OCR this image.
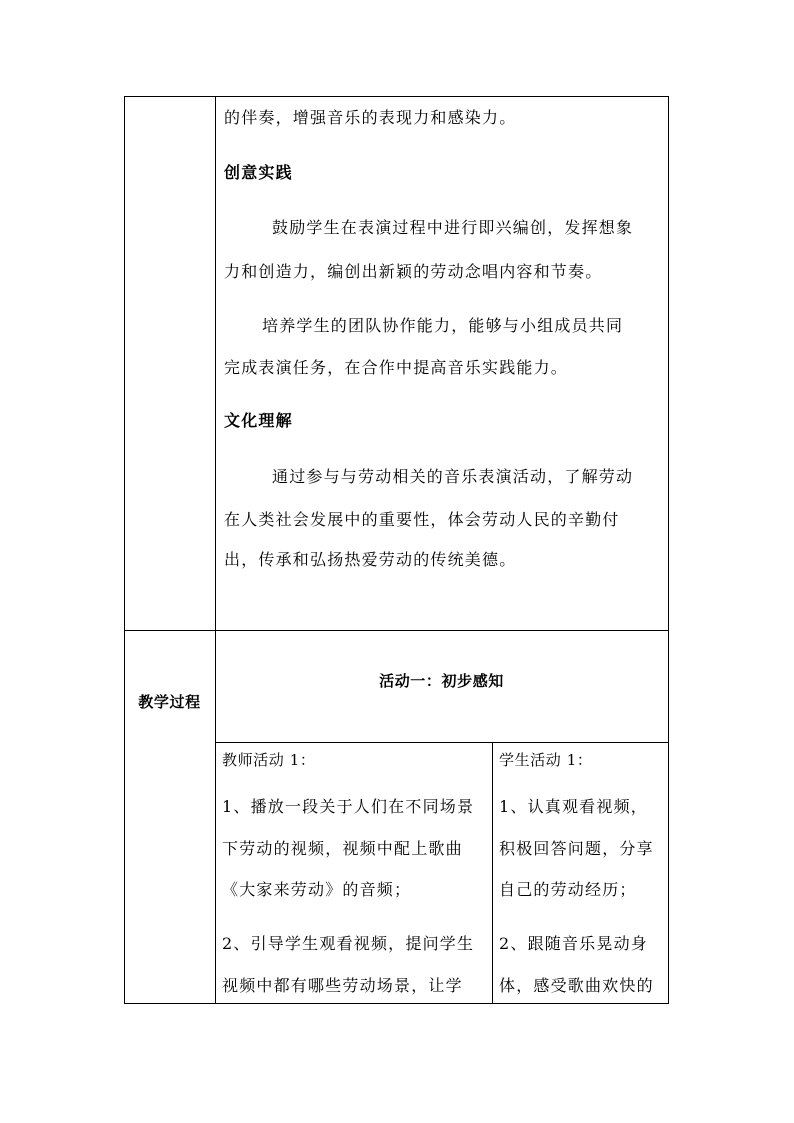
的伴奏，增强音乐的表现力和感染力。
创意实践
鼓励学生在表演过程中进行即兴编创，发挥想象
力和创造力，编创出新颖的劳动念唱内容和节奏。
培养学生的团队协作能力，能够与小组成员共同
完成表演任务，在合作中提高音乐实践能力。
文化理解
通过参与与劳动相关的音乐表演活动，了解劳动
在人类社会发展中的重要性，体会劳动人民的辛勤付
出，传承和弘扬热爱劳动的传统美德。
教学过程
活动一：初步感知
教师活动 1：
1、播放一段关于人们在不同场景
下劳动的视频，视频中配上歌曲
《大家来劳动》的音频；
2、引导学生观看视频，提问学生
视频中都有哪些劳动场景，让学
学生活动 1：
1、认真观看视频，
积极回答问题，分享
自己的劳动经历；
2、跟随音乐晃动身
体，感受歌曲欢快的
